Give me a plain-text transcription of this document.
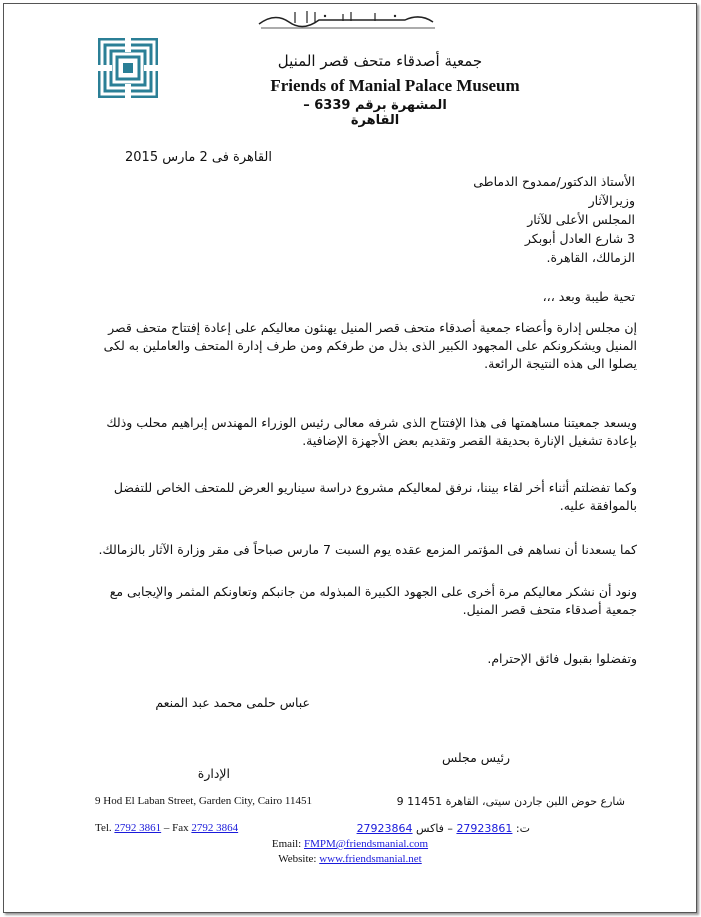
جمعية أصدقاء متحف قصر المنيل
Friends of Manial Palace Museum
المشهرة برقم 6339 – القاهرة
القاهرة فى 2 مارس 2015
الأستاذ الدكتور/ممدوح الدماطى
وزيرالآثار
المجلس الأعلى للآثار
3 شارع العادل أبوبكر
الزمالك، القاهرة.
تحية طيبة وبعد ،،،
إن مجلس إدارة وأعضاء جمعية أصدقاء متحف قصر المنيل يهنئون معاليكم على إعادة إفتتاح متحف قصر المنيل ويشكرونكم على المجهود الكبير الذى بذل من طرفكم ومن طرف إدارة المتحف والعاملين به لكى يصلوا الى هذه النتيجة الرائعة.
ويسعد جمعيتنا مساهمتها فى هذا الإفتتاح الذى شرفه معالى رئيس الوزراء المهندس إبراهيم محلب وذلك بإعادة تشغيل الإنارة بحديقة القصر وتقديم بعض الأجهزة الإضافية.
وكما تفضلتم أثناء أخر لقاء بيننا، نرفق لمعاليكم مشروع دراسة سيناريو العرض للمتحف الخاص للتفضل بالموافقة عليه.
كما يسعدنا أن نساهم فى المؤتمر المزمع عقده يوم السبت 7 مارس صباحاً فى مقر وزارة الآثار بالزمالك.
ونود أن نشكر معاليكم مرة أخرى على الجهود الكبيرة المبذوله من جانبكم وتعاونكم المثمر والإيجابى مع جمعية أصدقاء متحف قصر المنيل.
وتفضلوا بقبول فائق الإحترام.
عباس حلمى محمد عبد المنعم
رئيس مجلس
الإدارة
9 Hod El Laban Street, Garden City, Cairo 11451	شارع حوض اللبن جاردن سيتى، القاهرة 11451 9
Tel. 2792 3861 – Fax 2792 3864	ت: 27923861 – فاكس 27923864
Email: FMPM@friendsmanial.com
Website: www.friendsmanial.net
